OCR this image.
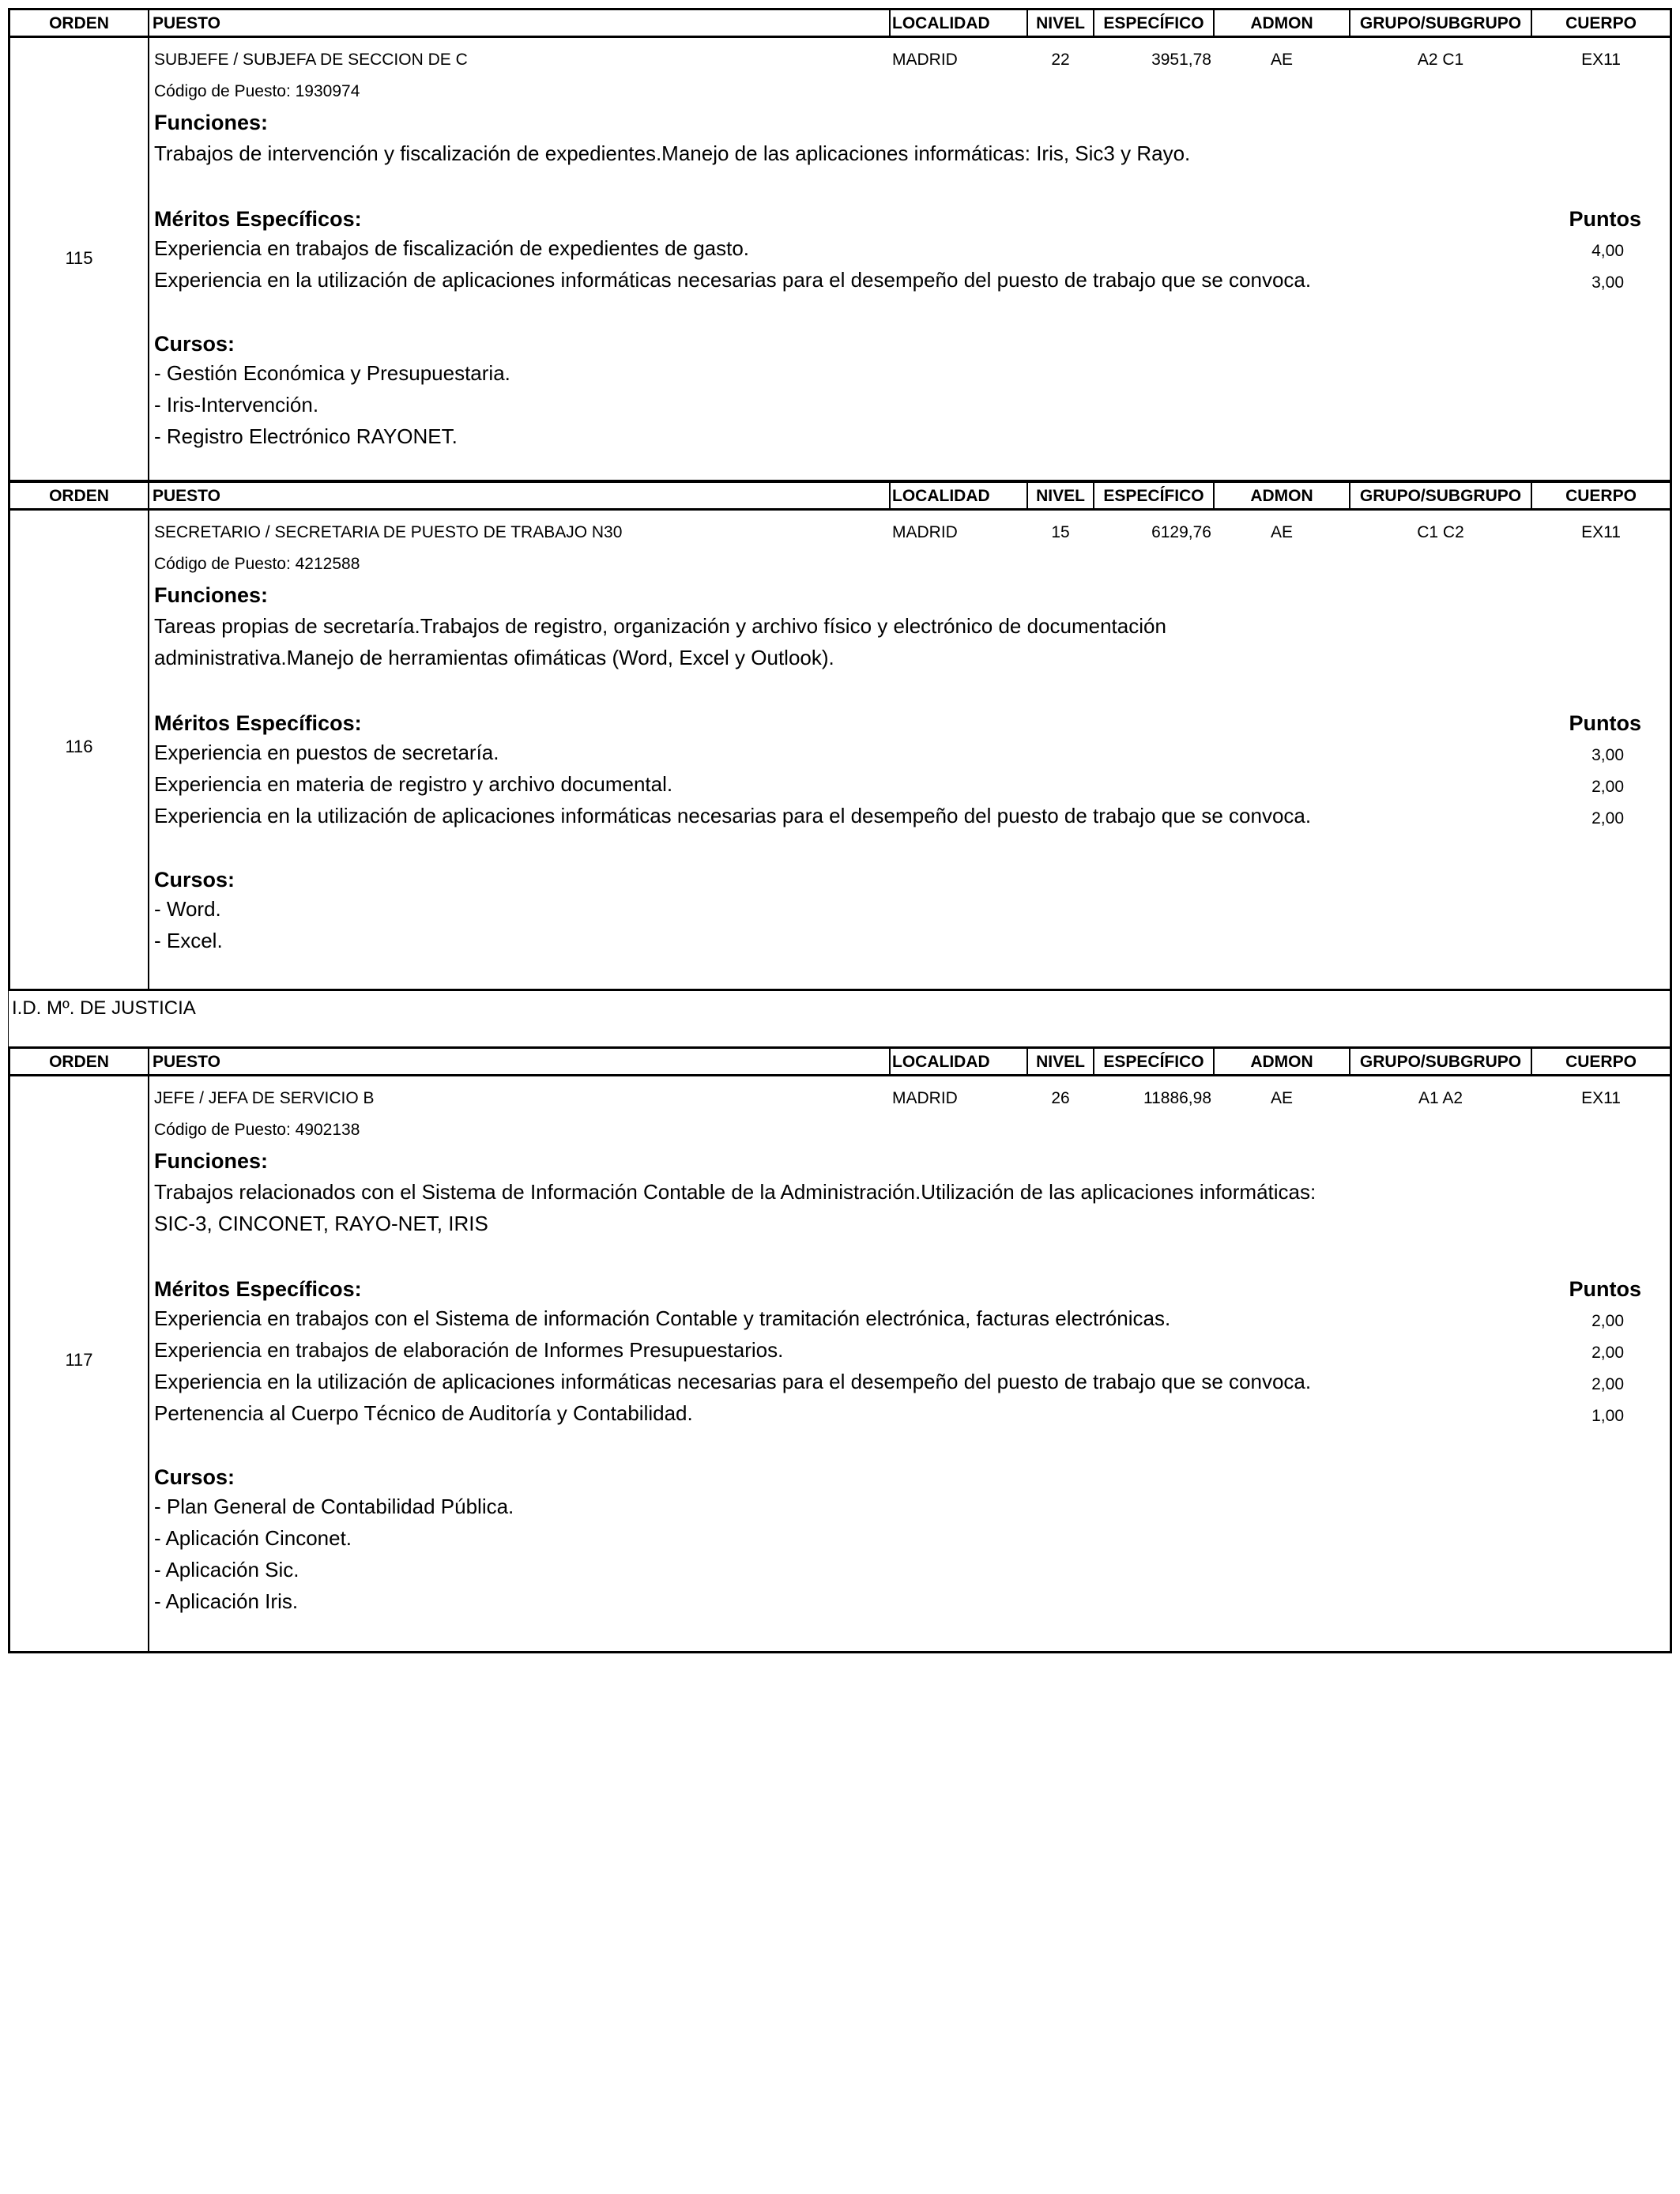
ORDEN	PUESTO	LOCALIDAD	NIVEL	ESPECÍFICO	ADMON	GRUPO/SUBGRUPO	CUERPO
115
SUBJEFE / SUBJEFA DE SECCION DE C	MADRID	22	3951,78	AE	A2 C1	EX11
Código de Puesto: 1930974
Funciones:
Trabajos de intervención y fiscalización de expedientes.Manejo de las aplicaciones informáticas: Iris, Sic3 y Rayo.
Méritos Específicos:	Puntos
Experiencia en trabajos de fiscalización de expedientes de gasto.	4,00
Experiencia en la utilización de aplicaciones informáticas necesarias para el desempeño del puesto de trabajo que se convoca.	3,00
Cursos:
- Gestión Económica y Presupuestaria.
- Iris-Intervención.
- Registro Electrónico RAYONET.
ORDEN	PUESTO	LOCALIDAD	NIVEL	ESPECÍFICO	ADMON	GRUPO/SUBGRUPO	CUERPO
116
SECRETARIO / SECRETARIA DE PUESTO DE TRABAJO N30	MADRID	15	6129,76	AE	C1 C2	EX11
Código de Puesto: 4212588
Funciones:
Tareas propias de secretaría.Trabajos de registro, organización y archivo físico y electrónico de documentación
administrativa.Manejo de herramientas ofimáticas (Word, Excel y Outlook).
Méritos Específicos:	Puntos
Experiencia en puestos de secretaría.	3,00
Experiencia en materia de registro y archivo documental.	2,00
Experiencia en la utilización de aplicaciones informáticas necesarias para el desempeño del puesto de trabajo que se convoca.	2,00
Cursos:
- Word.
- Excel.
I.D. Mº. DE JUSTICIA
ORDEN	PUESTO	LOCALIDAD	NIVEL	ESPECÍFICO	ADMON	GRUPO/SUBGRUPO	CUERPO
117
JEFE / JEFA DE SERVICIO B	MADRID	26	11886,98	AE	A1 A2	EX11
Código de Puesto: 4902138
Funciones:
Trabajos relacionados con el Sistema de Información Contable de la Administración.Utilización de las aplicaciones informáticas:
SIC-3, CINCONET, RAYO-NET, IRIS
Méritos Específicos:	Puntos
Experiencia en trabajos con el Sistema de información Contable y tramitación electrónica, facturas electrónicas.	2,00
Experiencia en trabajos de elaboración de Informes Presupuestarios.	2,00
Experiencia en la utilización de aplicaciones informáticas necesarias para el desempeño del puesto de trabajo que se convoca.	2,00
Pertenencia al Cuerpo Técnico de Auditoría y Contabilidad.	1,00
Cursos:
- Plan General de Contabilidad Pública.
- Aplicación Cinconet.
- Aplicación Sic.
- Aplicación Iris.
